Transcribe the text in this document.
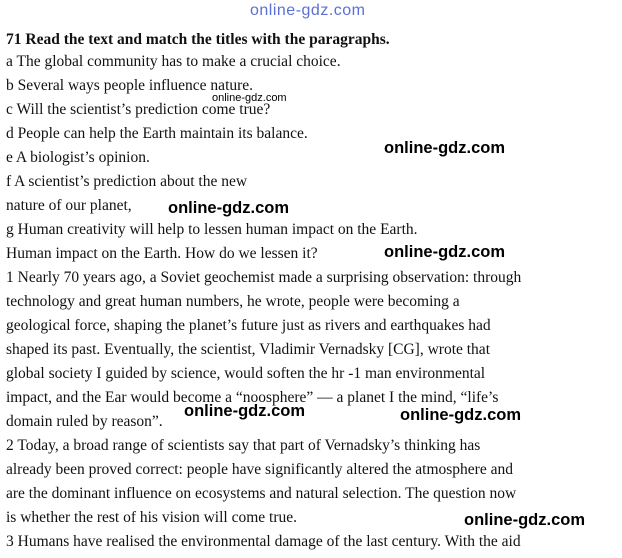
online-gdz.com
71 Read the text and match the titles with the paragraphs.
a The global community has to make a crucial choice.
b Several ways people influence nature.
c Will the scientist’s prediction come true?
online-gdz.com
d People can help the Earth maintain its balance.
online-gdz.com
e A biologist’s opinion.
f A scientist’s prediction about the new
nature of our planet, online-gdz.com
g Human creativity will help to lessen human impact on the Earth.
Human impact on the Earth. How do we lessen it?	online-gdz.com
1 Nearly 70 years ago, a Soviet geochemist made a surprising observation: through
technology and great human numbers, he wrote, people were becoming a
geological force, shaping the planet’s future just as rivers and earthquakes had
shaped its past. Eventually, the scientist, Vladimir Vernadsky [CG], wrote that
global society I guided by science, would soften the hr -1 man environmental
impact, and the Ear would become a “noosphere” — a planet I the mind, “life’s
domain ruled by reason”.
online-gdz.com	online-gdz.com
2 Today, a broad range of scientists say that part of Vernadsky’s thinking has
already been proved correct: people have significantly altered the atmosphere and
are the dominant influence on ecosystems and natural selection. The question now
is whether the rest of his vision will come true.	online-gdz.com
3 Humans have realised the environmental damage of the last century. With the aid
